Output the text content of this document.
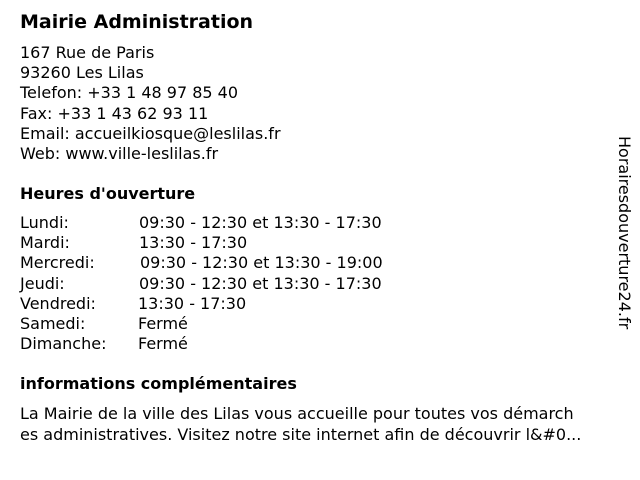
Mairie Administration
167 Rue de Paris
93260 Les Lilas
Telefon: +33 1 48 97 85 40
Fax: +33 1 43 62 93 11
Email: accueilkiosque@leslilas.fr
Web: www.ville-leslilas.fr
Heures d'ouverture
Lundi:	09:30 - 12:30 et 13:30 - 17:30
Mardi:	13:30 - 17:30
Mercredi:	09:30 - 12:30 et 13:30 - 19:00
Jeudi:	09:30 - 12:30 et 13:30 - 17:30
Vendredi:	13:30 - 17:30
Samedi:	Fermé
Dimanche: Fermé
informations complémentaires
La Mairie de la ville des Lilas vous accueille pour toutes vos démarch
es administratives. Visitez notre site internet afin de découvrir l&#0...
Horairesdouverture24.fr
